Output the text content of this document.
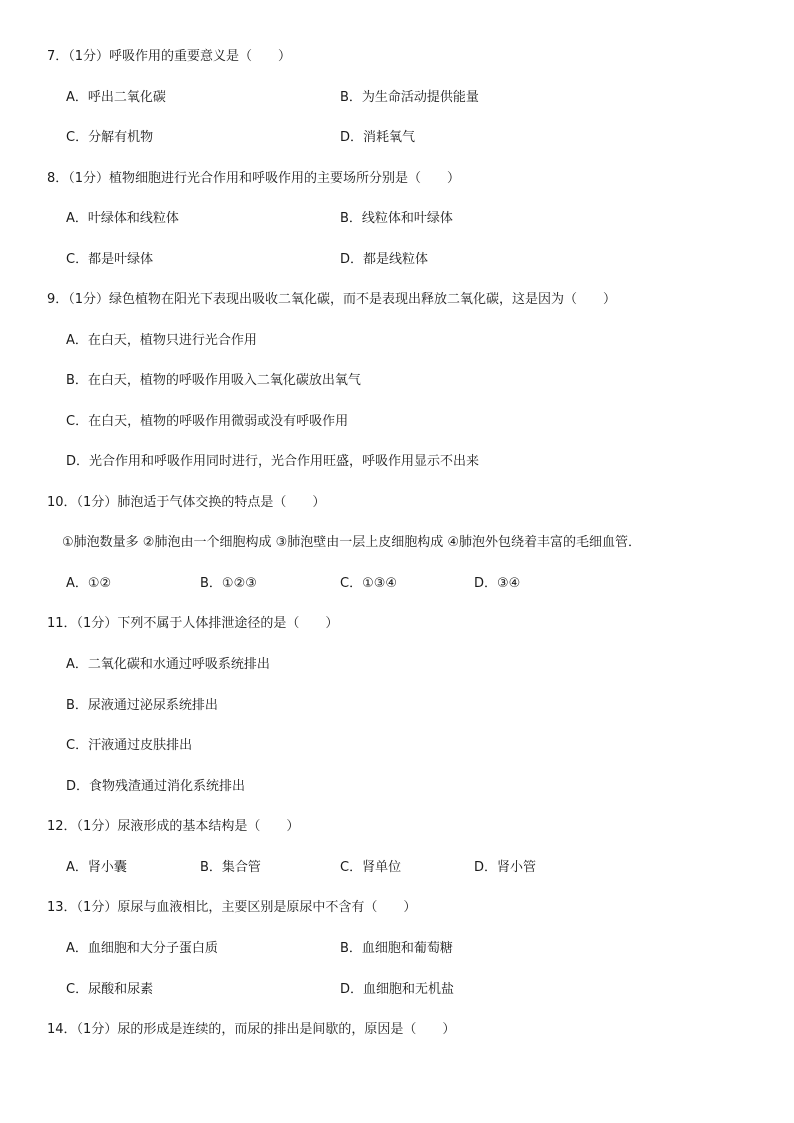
7．（1分）呼吸作用的重要意义是（　　）
A．呼出二氧化碳	B．为生命活动提供能量
C．分解有机物	D．消耗氧气
8．（1分）植物细胞进行光合作用和呼吸作用的主要场所分别是（　　）
A．叶绿体和线粒体	B．线粒体和叶绿体
C．都是叶绿体	D．都是线粒体
9．（1分）绿色植物在阳光下表现出吸收二氧化碳，而不是表现出释放二氧化碳，这是因为（　　）
A．在白天，植物只进行光合作用
B．在白天，植物的呼吸作用吸入二氧化碳放出氧气
C．在白天，植物的呼吸作用微弱或没有呼吸作用
D．光合作用和呼吸作用同时进行，光合作用旺盛，呼吸作用显示不出来
10．（1分）肺泡适于气体交换的特点是（　　）
①肺泡数量多 ②肺泡由一个细胞构成 ③肺泡壁由一层上皮细胞构成 ④肺泡外包绕着丰富的毛细血管．
A．①②	B．①②③	C．①③④	D．③④
11．（1分）下列不属于人体排泄途径的是（　　）
A．二氧化碳和水通过呼吸系统排出
B．尿液通过泌尿系统排出
C．汗液通过皮肤排出
D．食物残渣通过消化系统排出
12．（1分）尿液形成的基本结构是（　　）
A．肾小囊	B．集合管	C．肾单位	D．肾小管
13．（1分）原尿与血液相比，主要区别是原尿中不含有（　　）
A．血细胞和大分子蛋白质	B．血细胞和葡萄糖
C．尿酸和尿素	D．血细胞和无机盐
14．（1分）尿的形成是连续的，而尿的排出是间歇的，原因是（　　）
